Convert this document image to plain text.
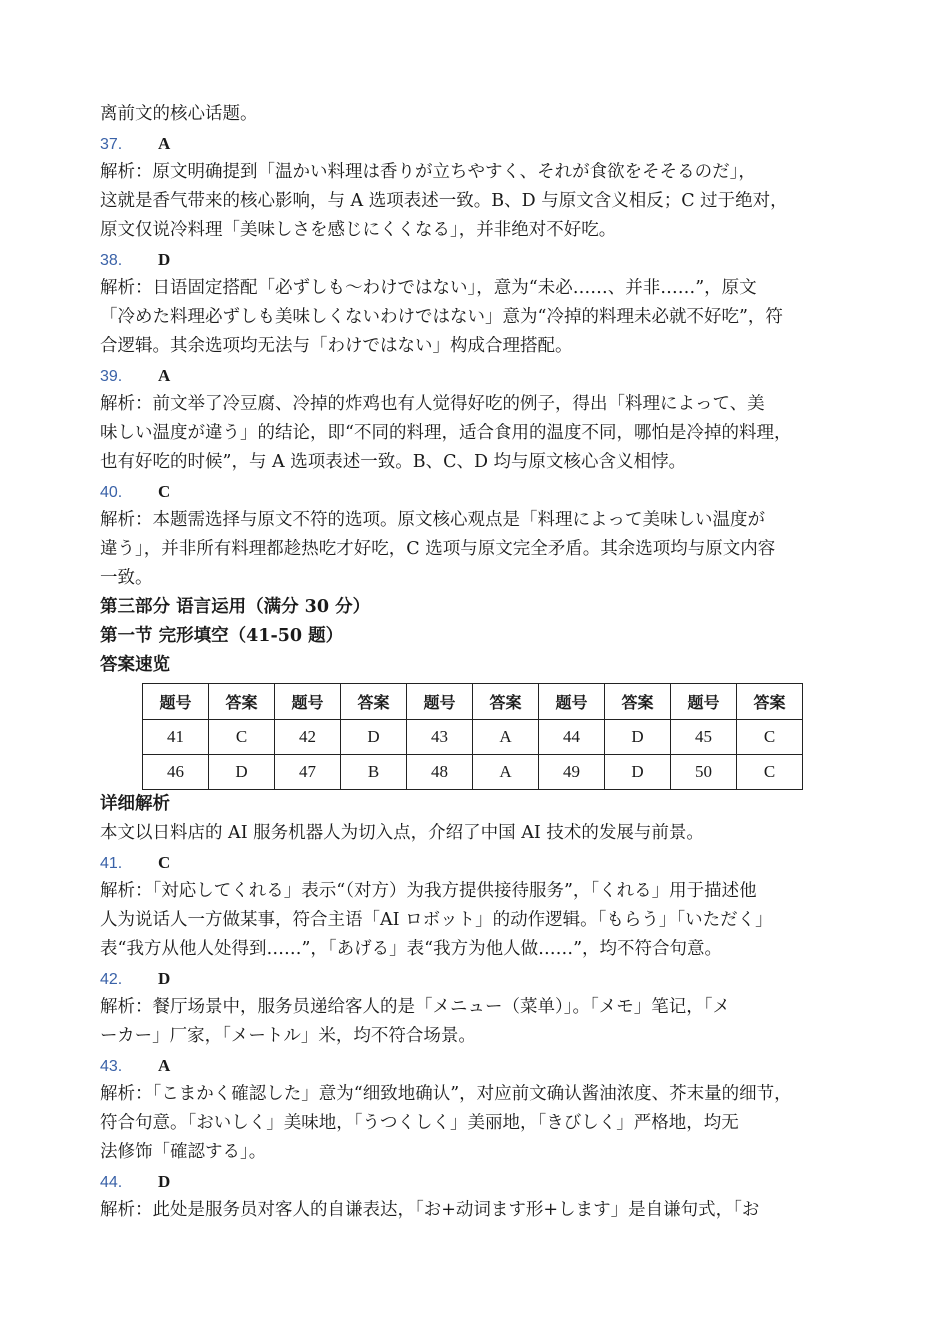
离前文的核心话题。
37. A
解析：原文明确提到「温かい料理は香りが立ちやすく、それが食欲をそそるのだ」，
这就是香气带来的核心影响，与 A 选项表述一致。B、D 与原文含义相反；C 过于绝对，
原文仅说冷料理「美味しさを感じにくくなる」，并非绝对不好吃。
38. D
解析：日语固定搭配「必ずしも～わけではない」，意为“未必……、并非……”，原文
「冷めた料理必ずしも美味しくないわけではない」意为“冷掉的料理未必就不好吃”，符
合逻辑。其余选项均无法与「わけではない」构成合理搭配。
39. A
解析：前文举了冷豆腐、冷掉的炸鸡也有人觉得好吃的例子，得出「料理によって、美
味しい温度が違う」的结论，即“不同的料理，适合食用的温度不同，哪怕是冷掉的料理，
也有好吃的时候”，与 A 选项表述一致。B、C、D 均与原文核心含义相悖。
40. C
解析：本题需选择与原文不符的选项。原文核心观点是「料理によって美味しい温度が
違う」，并非所有料理都趁热吃才好吃，C 选项与原文完全矛盾。其余选项均与原文内容
一致。
第三部分 语言运用（满分 30 分）
第一节 完形填空（41-50 题）
答案速览
题号	答案	题号	答案	题号	答案	题号	答案	题号	答案
41	C	42	D	43	A	44	D	45	C
46	D	47	B	48	A	49	D	50	C
详细解析
本文以日料店的 AI 服务机器人为切入点，介绍了中国 AI 技术的发展与前景。
41. C
解析：「対応してくれる」表示“（对方）为我方提供接待服务”，「くれる」用于描述他
人为说话人一方做某事，符合主语「AI ロボット」的动作逻辑。「もらう」「いただく」
表“我方从他人处得到……”，「あげる」表“我方为他人做……”，均不符合句意。
42. D
解析：餐厅场景中，服务员递给客人的是「メニュー（菜单）」。「メモ」笔记，「メ
ーカー」厂家，「メートル」米，均不符合场景。
43. A
解析：「こまかく確認した」意为“细致地确认”，对应前文确认酱油浓度、芥末量的细节，
符合句意。「おいしく」美味地，「うつくしく」美丽地，「きびしく」严格地，均无
法修饰「確認する」。
44. D
解析：此处是服务员对客人的自谦表达，「お+动词ます形+します」是自谦句式，「お
